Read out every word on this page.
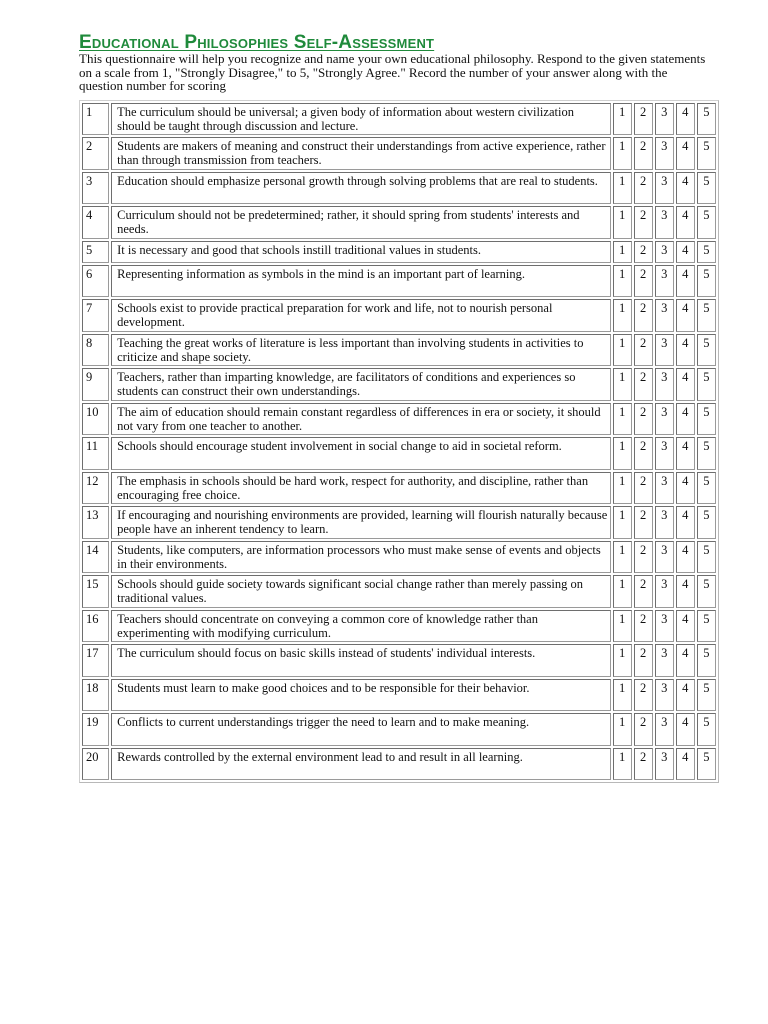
Educational Philosophies Self-Assessment

This questionnaire will help you recognize and name your own educational philosophy. Respond to the given statements on a scale from 1, "Strongly Disagree," to 5, "Strongly Agree." Record the number of your answer along with the question number for scoring

1	The curriculum should be universal; a given body of information about western civilization should be taught through discussion and lecture.	1	2	3	4	5
2	Students are makers of meaning and construct their understandings from active experience, rather than through transmission from teachers.	1	2	3	4	5
3	Education should emphasize personal growth through solving problems that are real to students.	1	2	3	4	5
4	Curriculum should not be predetermined; rather, it should spring from students' interests and needs.	1	2	3	4	5
5	It is necessary and good that schools instill traditional values in students.	1	2	3	4	5
6	Representing information as symbols in the mind is an important part of learning.	1	2	3	4	5
7	Schools exist to provide practical preparation for work and life, not to nourish personal development.	1	2	3	4	5
8	Teaching the great works of literature is less important than involving students in activities to criticize and shape society.	1	2	3	4	5
9	Teachers, rather than imparting knowledge, are facilitators of conditions and experiences so students can construct their own understandings.	1	2	3	4	5
10	The aim of education should remain constant regardless of differences in era or society, it should not vary from one teacher to another.	1	2	3	4	5
11	Schools should encourage student involvement in social change to aid in societal reform.	1	2	3	4	5
12	The emphasis in schools should be hard work, respect for authority, and discipline, rather than encouraging free choice.	1	2	3	4	5
13	If encouraging and nourishing environments are provided, learning will flourish naturally because people have an inherent tendency to learn.	1	2	3	4	5
14	Students, like computers, are information processors who must make sense of events and objects in their environments.	1	2	3	4	5
15	Schools should guide society towards significant social change rather than merely passing on traditional values.	1	2	3	4	5
16	Teachers should concentrate on conveying a common core of knowledge rather than experimenting with modifying curriculum.	1	2	3	4	5
17	The curriculum should focus on basic skills instead of students' individual interests.	1	2	3	4	5
18	Students must learn to make good choices and to be responsible for their behavior.	1	2	3	4	5
19	Conflicts to current understandings trigger the need to learn and to make meaning.	1	2	3	4	5
20	Rewards controlled by the external environment lead to and result in all learning.	1	2	3	4	5
